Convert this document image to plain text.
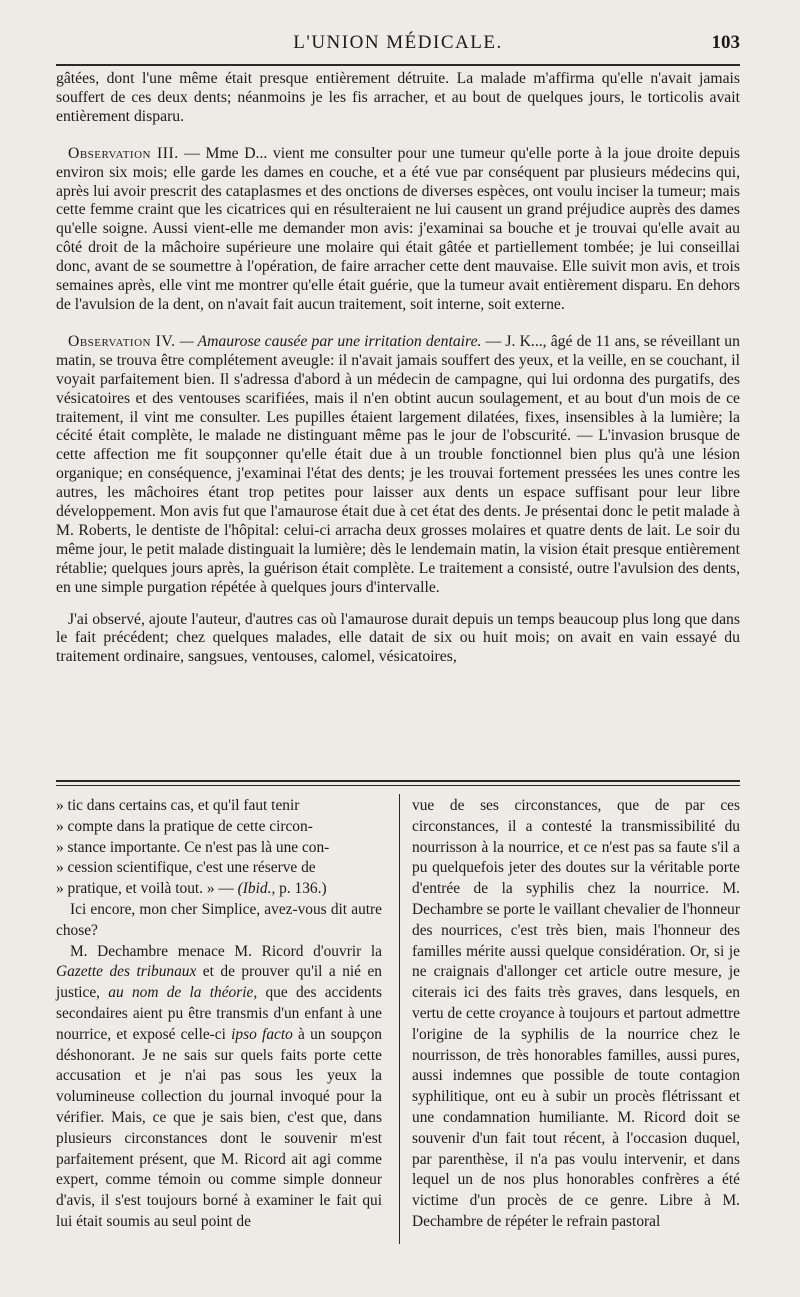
L'UNION MÉDICALE.	103

gâtées, dont l'une même était presque entièrement détruite. La malade m'affirma qu'elle n'avait jamais souffert de ces deux dents; néanmoins je les fis arracher, et au bout de quelques jours, le torticolis avait entièrement disparu.

Observation III. — Mme D... vient me consulter pour une tumeur qu'elle porte à la joue droite depuis environ six mois; elle garde les dames en couche, et a été vue par conséquent par plusieurs médecins qui, après lui avoir prescrit des cataplasmes et des onctions de diverses espèces, ont voulu inciser la tumeur; mais cette femme craint que les cicatrices qui en résulteraient ne lui causent un grand préjudice auprès des dames qu'elle soigne. Aussi vient-elle me demander mon avis: j'examinai sa bouche et je trouvai qu'elle avait au côté droit de la mâchoire supérieure une molaire qui était gâtée et partiellement tombée; je lui conseillai donc, avant de se soumettre à l'opération, de faire arracher cette dent mauvaise. Elle suivit mon avis, et trois semaines après, elle vint me montrer qu'elle était guérie, que la tumeur avait entièrement disparu. En dehors de l'avulsion de la dent, on n'avait fait aucun traitement, soit interne, soit externe.

Observation IV. — Amaurose causée par une irritation dentaire. — J. K..., âgé de 11 ans, se réveillant un matin, se trouva être complétement aveugle: il n'avait jamais souffert des yeux, et la veille, en se couchant, il voyait parfaitement bien. Il s'adressa d'abord à un médecin de campagne, qui lui ordonna des purgatifs, des vésicatoires et des ventouses scarifiées, mais il n'en obtint aucun soulagement, et au bout d'un mois de ce traitement, il vint me consulter. Les pupilles étaient largement dilatées, fixes, insensibles à la lumière; la cécité était complète, le malade ne distinguant même pas le jour de l'obscurité. — L'invasion brusque de cette affection me fit soupçonner qu'elle était due à un trouble fonctionnel bien plus qu'à une lésion organique; en conséquence, j'examinai l'état des dents; je les trouvai fortement pressées les unes contre les autres, les mâchoires étant trop petites pour laisser aux dents un espace suffisant pour leur libre développement. Mon avis fut que l'amaurose était due à cet état des dents. Je présentai donc le petit malade à M. Roberts, le dentiste de l'hôpital: celui-ci arracha deux grosses molaires et quatre dents de lait. Le soir du même jour, le petit malade distinguait la lumière; dès le lendemain matin, la vision était presque entièrement rétablie; quelques jours après, la guérison était complète. Le traitement a consisté, outre l'avulsion des dents, en une simple purgation répétée à quelques jours d'intervalle.

J'ai observé, ajoute l'auteur, d'autres cas où l'amaurose durait depuis un temps beaucoup plus long que dans le fait précédent; chez quelques malades, elle datait de six ou huit mois; on avait en vain essayé du traitement ordinaire, sangsues, ventouses, calomel, vésicatoires,

» tic dans certains cas, et qu'il faut tenir

» compte dans la pratique de cette circon-

» stance importante. Ce n'est pas là une con-

» cession scientifique, c'est une réserve de

» pratique, et voilà tout. » — (Ibid., p. 136.)

Ici encore, mon cher Simplice, avez-vous dit autre chose?

M. Dechambre menace M. Ricord d'ouvrir la Gazette des tribunaux et de prouver qu'il a nié en justice, au nom de la théorie, que des accidents secondaires aient pu être transmis d'un enfant à une nourrice, et exposé celle-ci ipso facto à un soupçon déshonorant. Je ne sais sur quels faits porte cette accusation et je n'ai pas sous les yeux la volumineuse collection du journal invoqué pour la vérifier. Mais, ce que je sais bien, c'est que, dans plusieurs circonstances dont le souvenir m'est parfaitement présent, que M. Ricord ait agi comme expert, comme témoin ou comme simple donneur d'avis, il s'est toujours borné à examiner le fait qui lui était soumis au seul point de

vue de ses circonstances, que de par ces circonstances, il a contesté la transmissibilité du nourrisson à la nourrice, et ce n'est pas sa faute s'il a pu quelquefois jeter des doutes sur la véritable porte d'entrée de la syphilis chez la nourrice. M. Dechambre se porte le vaillant chevalier de l'honneur des nourrices, c'est très bien, mais l'honneur des familles mérite aussi quelque considération. Or, si je ne craignais d'allonger cet article outre mesure, je citerais ici des faits très graves, dans lesquels, en vertu de cette croyance à toujours et partout admettre l'origine de la syphilis de la nourrice chez le nourrisson, de très honorables familles, aussi pures, aussi indemnes que possible de toute contagion syphilitique, ont eu à subir un procès flétrissant et une condamnation humiliante. M. Ricord doit se souvenir d'un fait tout récent, à l'occasion duquel, par parenthèse, il n'a pas voulu intervenir, et dans lequel un de nos plus honorables confrères a été victime d'un procès de ce genre. Libre à M. Dechambre de répéter le refrain pastoral
